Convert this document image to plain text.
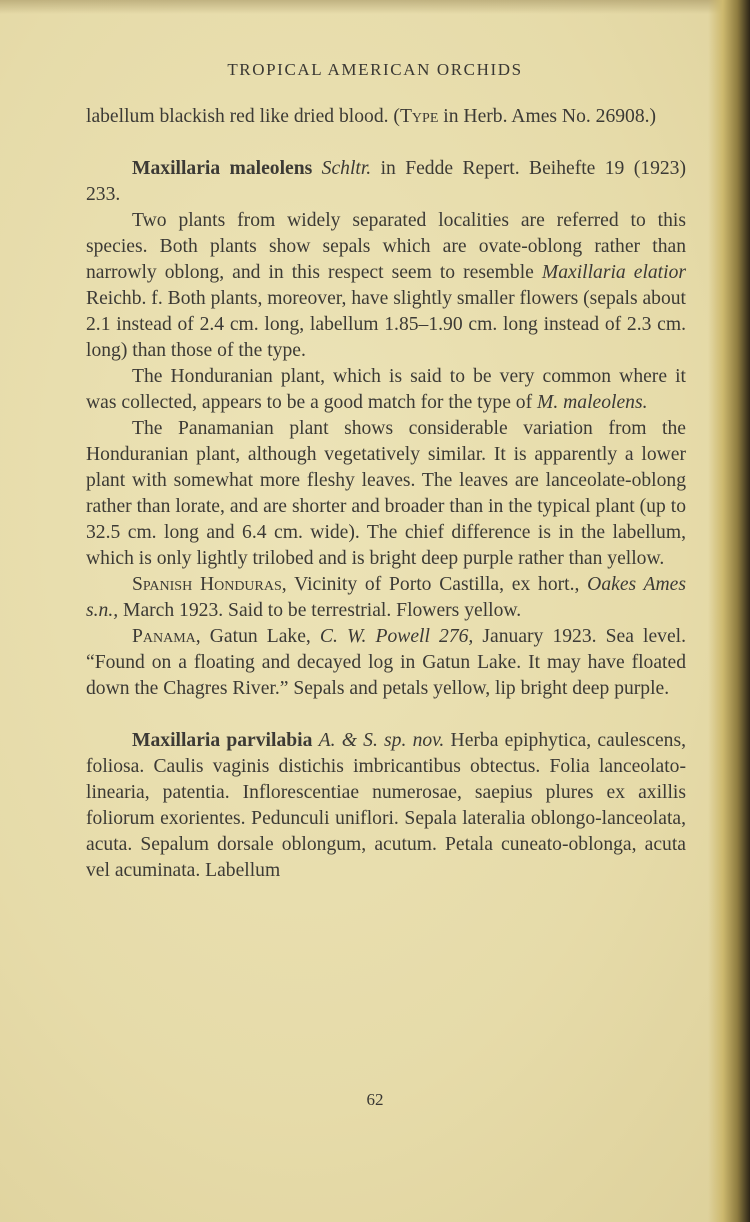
TROPICAL AMERICAN ORCHIDS

labellum blackish red like dried blood. (Type in Herb. Ames No. 26908.)

Maxillaria maleolens Schltr. in Fedde Repert. Beihefte 19 (1923) 233.

Two plants from widely separated localities are referred to this species. Both plants show sepals which are ovate-oblong rather than narrowly oblong, and in this respect seem to resemble Maxillaria elatior Reichb. f. Both plants, moreover, have slightly smaller flowers (sepals about 2.1 instead of 2.4 cm. long, labellum 1.85–1.90 cm. long instead of 2.3 cm. long) than those of the type.

The Honduranian plant, which is said to be very common where it was collected, appears to be a good match for the type of M. maleolens.

The Panamanian plant shows considerable variation from the Honduranian plant, although vegetatively similar. It is apparently a lower plant with somewhat more fleshy leaves. The leaves are lanceolate-oblong rather than lorate, and are shorter and broader than in the typical plant (up to 32.5 cm. long and 6.4 cm. wide). The chief difference is in the labellum, which is only lightly trilobed and is bright deep purple rather than yellow.

Spanish Honduras, Vicinity of Porto Castilla, ex hort., Oakes Ames s.n., March 1923. Said to be terrestrial. Flowers yellow.

Panama, Gatun Lake, C. W. Powell 276, January 1923. Sea level. “Found on a floating and decayed log in Gatun Lake. It may have floated down the Chagres River.” Sepals and petals yellow, lip bright deep purple.

Maxillaria parvilabia A. & S. sp. nov. Herba epiphytica, caulescens, foliosa. Caulis vaginis distichis imbricantibus obtectus. Folia lanceolato-linearia, patentia. Inflorescentiae numerosae, saepius plures ex axillis foliorum exorientes. Pedunculi uniflori. Sepala lateralia oblongo-lanceolata, acuta. Sepalum dorsale oblongum, acutum. Petala cuneato-oblonga, acuta vel acuminata. Labellum

62
